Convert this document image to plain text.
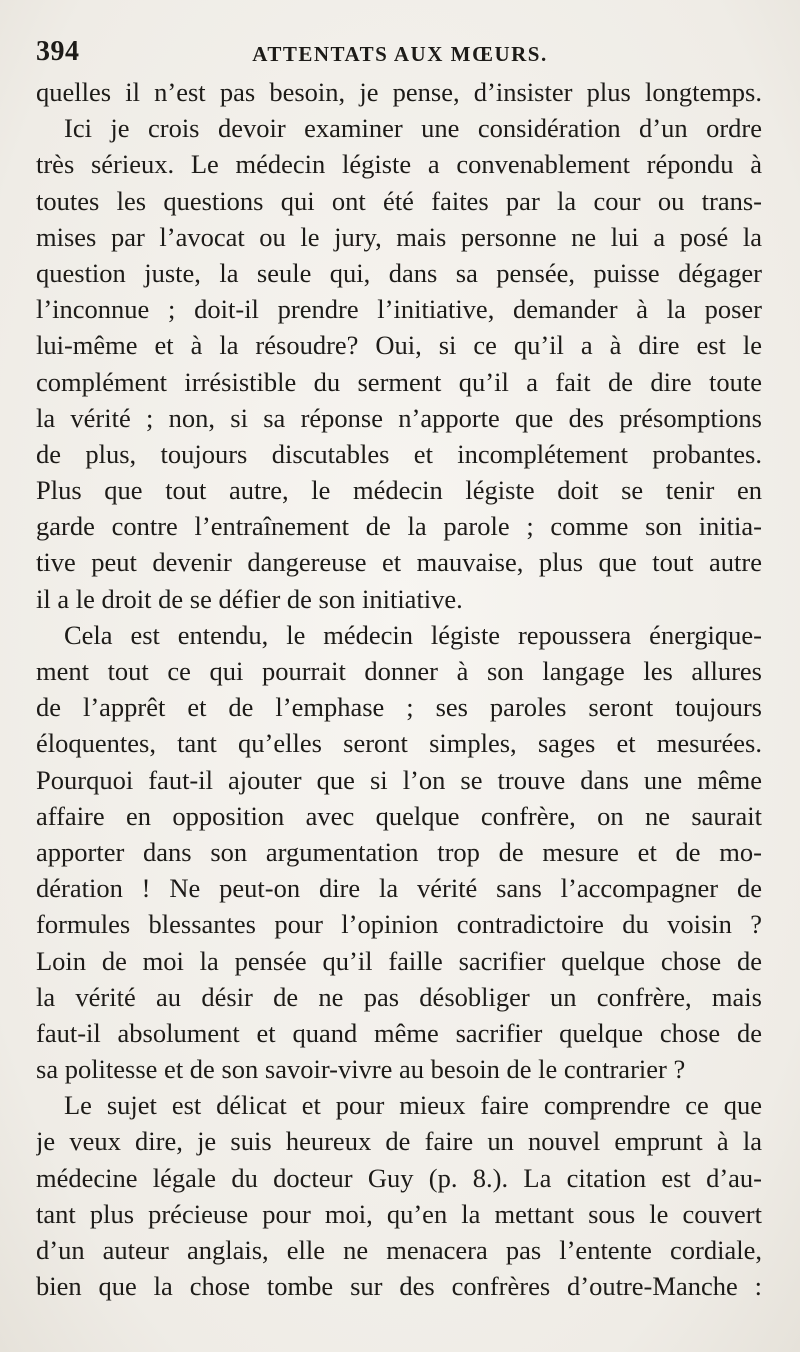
394	ATTENTATS AUX MŒURS.
quelles il n’est pas besoin, je pense, d’insister plus longtemps.
Ici je crois devoir examiner une considération d’un ordre
très sérieux. Le médecin légiste a convenablement répondu à
toutes les questions qui ont été faites par la cour ou trans-
mises par l’avocat ou le jury, mais personne ne lui a posé la
question juste, la seule qui, dans sa pensée, puisse dégager
l’inconnue ; doit-il prendre l’initiative, demander à la poser
lui-même et à la résoudre? Oui, si ce qu’il a à dire est le
complément irrésistible du serment qu’il a fait de dire toute
la vérité ; non, si sa réponse n’apporte que des présomptions
de plus, toujours discutables et incomplétement probantes.
Plus que tout autre, le médecin légiste doit se tenir en
garde contre l’entraînement de la parole ; comme son initia-
tive peut devenir dangereuse et mauvaise, plus que tout autre
il a le droit de se défier de son initiative.
Cela est entendu, le médecin légiste repoussera énergique-
ment tout ce qui pourrait donner à son langage les allures
de l’apprêt et de l’emphase ; ses paroles seront toujours
éloquentes, tant qu’elles seront simples, sages et mesurées.
Pourquoi faut-il ajouter que si l’on se trouve dans une même
affaire en opposition avec quelque confrère, on ne saurait
apporter dans son argumentation trop de mesure et de mo-
dération ! Ne peut-on dire la vérité sans l’accompagner de
formules blessantes pour l’opinion contradictoire du voisin ?
Loin de moi la pensée qu’il faille sacrifier quelque chose de
la vérité au désir de ne pas désobliger un confrère, mais
faut-il absolument et quand même sacrifier quelque chose de
sa politesse et de son savoir-vivre au besoin de le contrarier ?
Le sujet est délicat et pour mieux faire comprendre ce que
je veux dire, je suis heureux de faire un nouvel emprunt à la
médecine légale du docteur Guy (p. 8.). La citation est d’au-
tant plus précieuse pour moi, qu’en la mettant sous le couvert
d’un auteur anglais, elle ne menacera pas l’entente cordiale,
bien que la chose tombe sur des confrères d’outre-Manche :
